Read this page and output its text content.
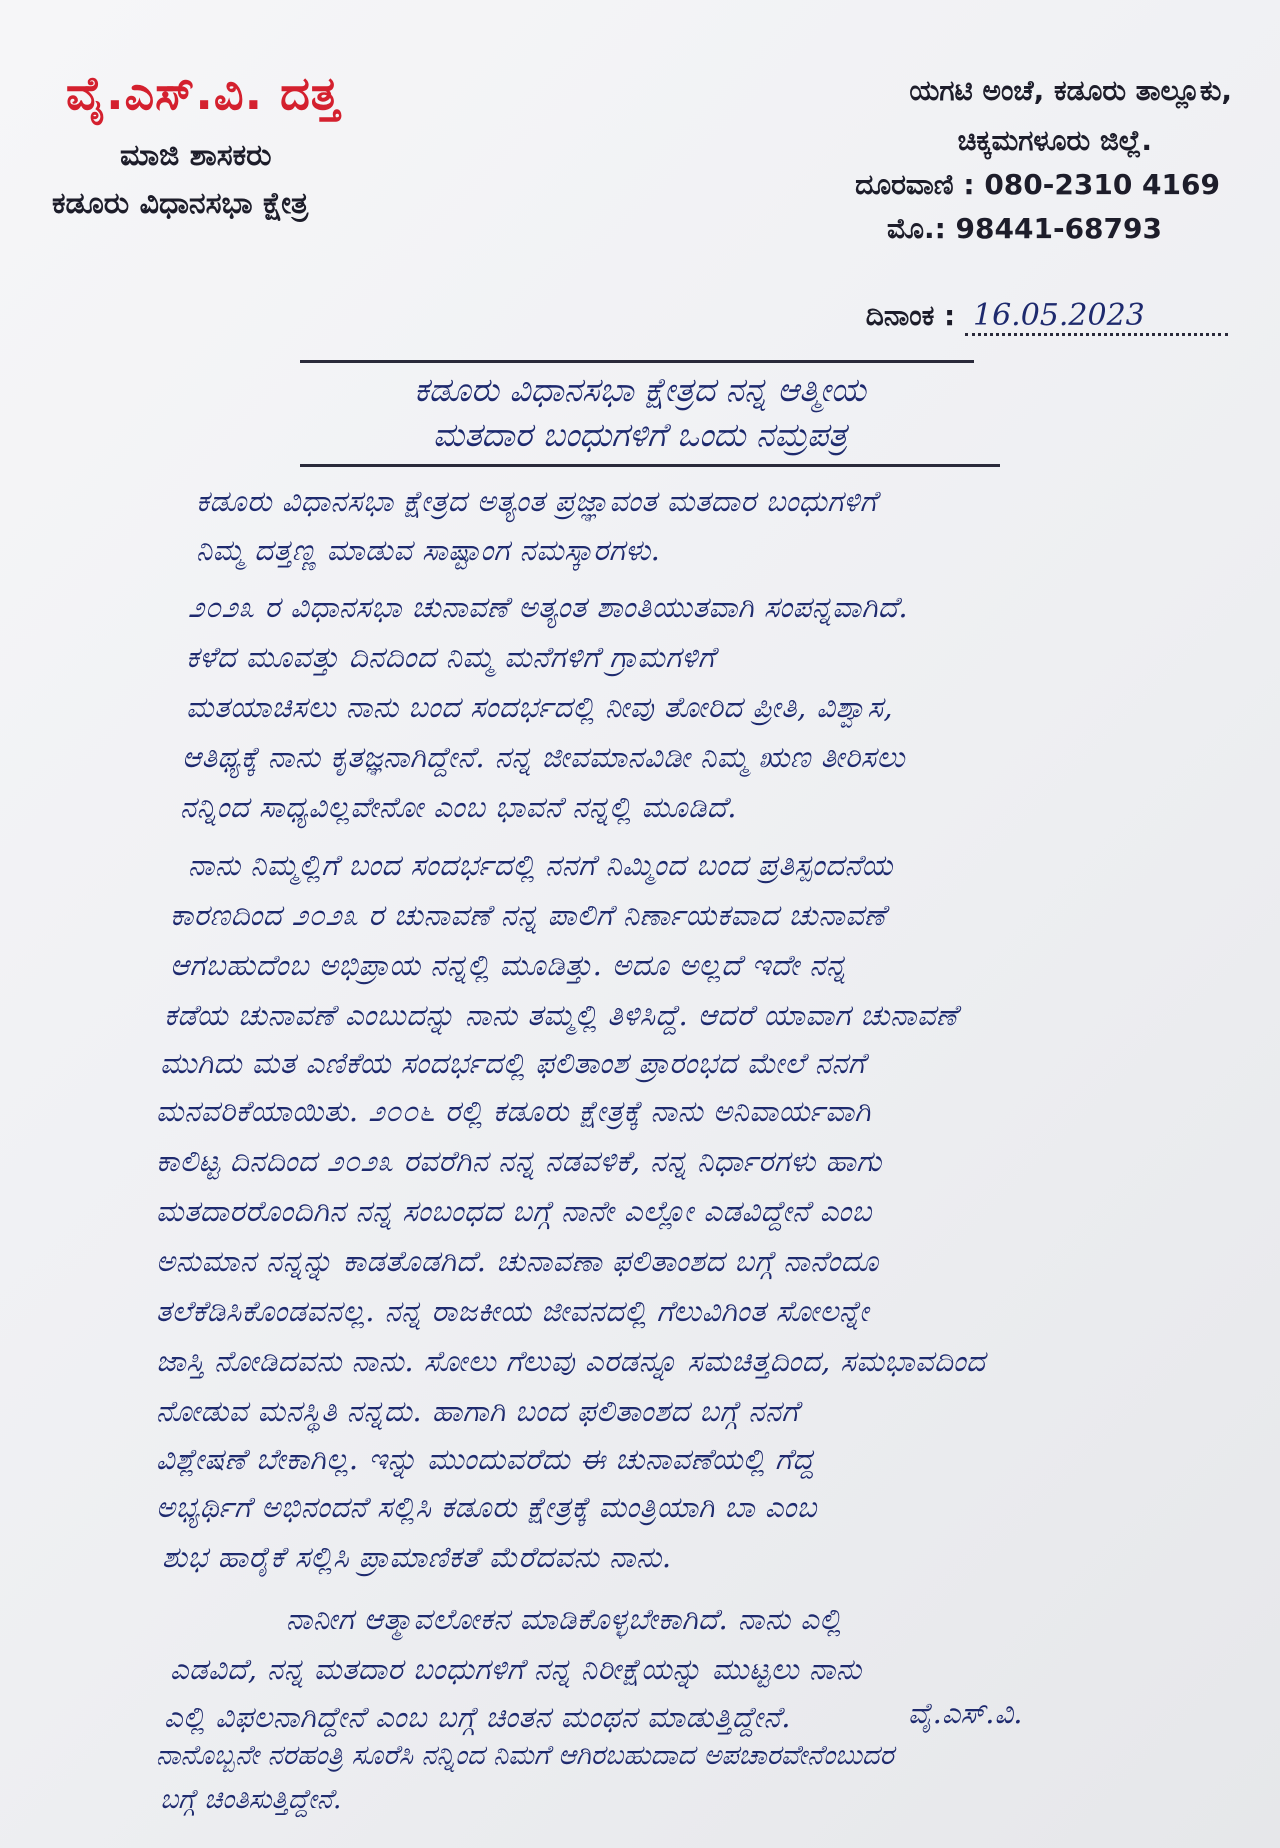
ವೈ.ಎಸ್.ವಿ. ದತ್ತ
ಮಾಜಿ ಶಾಸಕರು
ಕಡೂರು ವಿಧಾನಸಭಾ ಕ್ಷೇತ್ರ
ಯಗಟಿ ಅಂಚೆ, ಕಡೂರು ತಾಲ್ಲೂಕು,
ಚಿಕ್ಕಮಗಳೂರು ಜಿಲ್ಲೆ.
ದೂರವಾಣಿ : 080-2310 4169
ಮೊ.: 98441-68793
ದಿನಾಂಕ : 16.05.2023
ಕಡೂರು ವಿಧಾನಸಭಾ ಕ್ಷೇತ್ರದ ನನ್ನ ಆತ್ಮೀಯ
ಮತದಾರ ಬಂಧುಗಳಿಗೆ ಒಂದು ನಮ್ರಪತ್ರ
ಕಡೂರು ವಿಧಾನಸಭಾ ಕ್ಷೇತ್ರದ ಅತ್ಯಂತ ಪ್ರಜ್ಞಾವಂತ ಮತದಾರ ಬಂಧುಗಳಿಗೆ
ನಿಮ್ಮ ದತ್ತಣ್ಣ ಮಾಡುವ ಸಾಷ್ಟಾಂಗ ನಮಸ್ಕಾರಗಳು.
೨೦೨೩ ರ ವಿಧಾನಸಭಾ ಚುನಾವಣೆ ಅತ್ಯಂತ ಶಾಂತಿಯುತವಾಗಿ ಸಂಪನ್ನವಾಗಿದೆ.
ಕಳೆದ ಮೂವತ್ತು ದಿನದಿಂದ ನಿಮ್ಮ ಮನೆಗಳಿಗೆ ಗ್ರಾಮಗಳಿಗೆ
ಮತಯಾಚಿಸಲು ನಾನು ಬಂದ ಸಂದರ್ಭದಲ್ಲಿ ನೀವು ತೋರಿದ ಪ್ರೀತಿ, ವಿಶ್ವಾಸ,
ಆತಿಥ್ಯಕ್ಕೆ ನಾನು ಕೃತಜ್ಞನಾಗಿದ್ದೇನೆ. ನನ್ನ ಜೀವಮಾನವಿಡೀ ನಿಮ್ಮ ಋಣ ತೀರಿಸಲು
ನನ್ನಿಂದ ಸಾಧ್ಯವಿಲ್ಲವೇನೋ ಎಂಬ ಭಾವನೆ ನನ್ನಲ್ಲಿ ಮೂಡಿದೆ.
ನಾನು ನಿಮ್ಮಲ್ಲಿಗೆ ಬಂದ ಸಂದರ್ಭದಲ್ಲಿ ನನಗೆ ನಿಮ್ಮಿಂದ ಬಂದ ಪ್ರತಿಸ್ಪಂದನೆಯ
ಕಾರಣದಿಂದ ೨೦೨೩ ರ ಚುನಾವಣೆ ನನ್ನ ಪಾಲಿಗೆ ನಿರ್ಣಾಯಕವಾದ ಚುನಾವಣೆ
ಆಗಬಹುದೆಂಬ ಅಭಿಪ್ರಾಯ ನನ್ನಲ್ಲಿ ಮೂಡಿತ್ತು. ಅದೂ ಅಲ್ಲದೆ ಇದೇ ನನ್ನ
ಕಡೆಯ ಚುನಾವಣೆ ಎಂಬುದನ್ನು ನಾನು ತಮ್ಮಲ್ಲಿ ತಿಳಿಸಿದ್ದೆ. ಆದರೆ ಯಾವಾಗ ಚುನಾವಣೆ
ಮುಗಿದು ಮತ ಎಣಿಕೆಯ ಸಂದರ್ಭದಲ್ಲಿ ಫಲಿತಾಂಶ ಪ್ರಾರಂಭದ ಮೇಲೆ ನನಗೆ
ಮನವರಿಕೆಯಾಯಿತು. ೨೦೦೬ ರಲ್ಲಿ ಕಡೂರು ಕ್ಷೇತ್ರಕ್ಕೆ ನಾನು ಅನಿವಾರ್ಯವಾಗಿ
ಕಾಲಿಟ್ಟ ದಿನದಿಂದ ೨೦೨೩ ರವರೆಗಿನ ನನ್ನ ನಡವಳಿಕೆ, ನನ್ನ ನಿರ್ಧಾರಗಳು ಹಾಗು
ಮತದಾರರೊಂದಿಗಿನ ನನ್ನ ಸಂಬಂಧದ ಬಗ್ಗೆ ನಾನೇ ಎಲ್ಲೋ ಎಡವಿದ್ದೇನೆ ಎಂಬ
ಅನುಮಾನ ನನ್ನನ್ನು ಕಾಡತೊಡಗಿದೆ. ಚುನಾವಣಾ ಫಲಿತಾಂಶದ ಬಗ್ಗೆ ನಾನೆಂದೂ
ತಲೆಕೆಡಿಸಿಕೊಂಡವನಲ್ಲ. ನನ್ನ ರಾಜಕೀಯ ಜೀವನದಲ್ಲಿ ಗೆಲುವಿಗಿಂತ ಸೋಲನ್ನೇ
ಜಾಸ್ತಿ ನೋಡಿದವನು ನಾನು. ಸೋಲು ಗೆಲುವು ಎರಡನ್ನೂ ಸಮಚಿತ್ತದಿಂದ, ಸಮಭಾವದಿಂದ
ನೋಡುವ ಮನಸ್ಥಿತಿ ನನ್ನದು. ಹಾಗಾಗಿ ಬಂದ ಫಲಿತಾಂಶದ ಬಗ್ಗೆ ನನಗೆ
ವಿಶ್ಲೇಷಣೆ ಬೇಕಾಗಿಲ್ಲ. ಇನ್ನು ಮುಂದುವರೆದು ಈ ಚುನಾವಣೆಯಲ್ಲಿ ಗೆದ್ದ
ಅಭ್ಯರ್ಥಿಗೆ ಅಭಿನಂದನೆ ಸಲ್ಲಿಸಿ ಕಡೂರು ಕ್ಷೇತ್ರಕ್ಕೆ ಮಂತ್ರಿಯಾಗಿ ಬಾ ಎಂಬ
ಶುಭ ಹಾರೈಕೆ ಸಲ್ಲಿಸಿ ಪ್ರಾಮಾಣಿಕತೆ ಮೆರೆದವನು ನಾನು.
ನಾನೀಗ ಆತ್ಮಾವಲೋಕನ ಮಾಡಿಕೊಳ್ಳಬೇಕಾಗಿದೆ. ನಾನು ಎಲ್ಲಿ
ಎಡವಿದೆ, ನನ್ನ ಮತದಾರ ಬಂಧುಗಳಿಗೆ ನನ್ನ ನಿರೀಕ್ಷೆಯನ್ನು ಮುಟ್ಟಲು ನಾನು
ಎಲ್ಲಿ ವಿಫಲನಾಗಿದ್ದೇನೆ ಎಂಬ ಬಗ್ಗೆ ಚಿಂತನ ಮಂಥನ ಮಾಡುತ್ತಿದ್ದೇನೆ.	ವೈ.ಎಸ್.ವಿ.
ನಾನೊಬ್ಬನೇ ನರಹಂತ್ರಿ ಸೂರೆಸಿ ನನ್ನಿಂದ ನಿಮಗೆ ಆಗಿರಬಹುದಾದ ಅಪಚಾರವೇನೆಂಬುದರ
ಬಗ್ಗೆ ಚಿಂತಿಸುತ್ತಿದ್ದೇನೆ.
